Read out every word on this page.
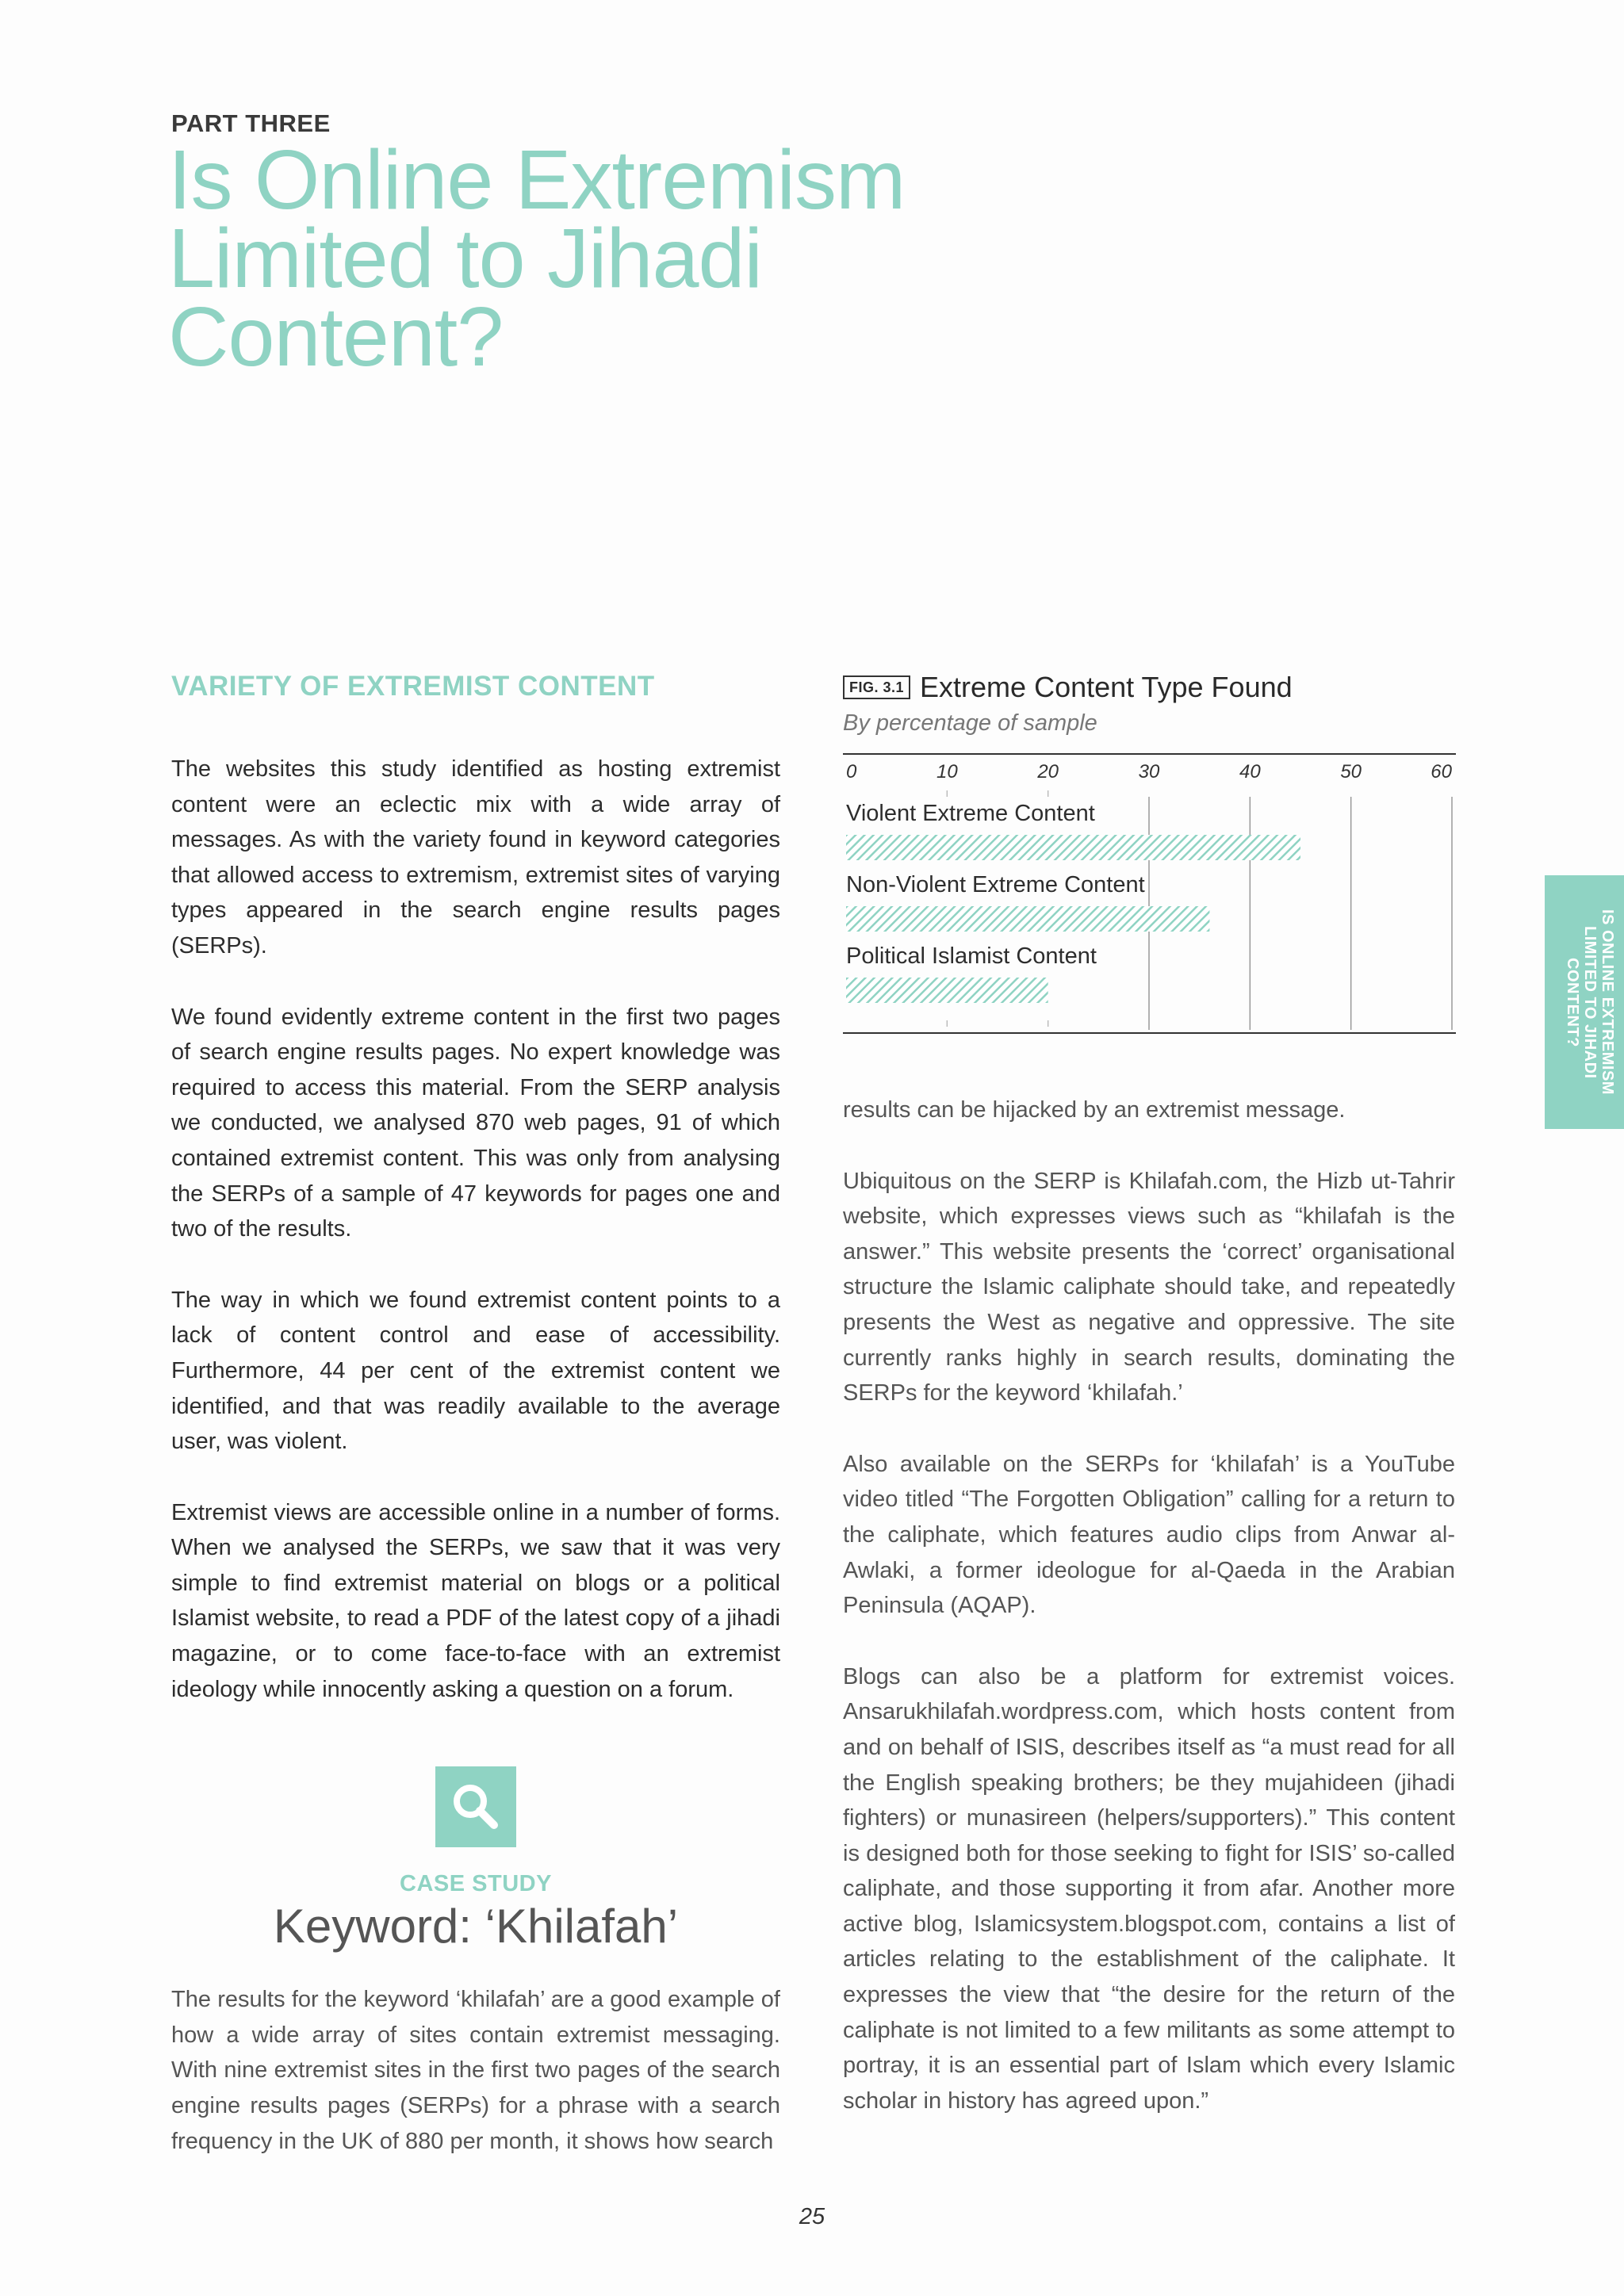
PART THREE
Is Online Extremism
Limited to Jihadi
Content?
VARIETY OF EXTREMIST CONTENT

The websites this study identified as hosting extremist content were an eclectic mix with a wide array of messages. As with the variety found in keyword categories that allowed access to extremism, extremist sites of varying types appeared in the search engine results pages (SERPs).

We found evidently extreme content in the first two pages of search engine results pages. No expert knowledge was required to access this material. From the SERP analysis we conducted, we analysed 870 web pages, 91 of which contained extremist content. This was only from analysing the SERPs of a sample of 47 keywords for pages one and two of the results.

The way in which we found extremist content points to a lack of content control and ease of accessibility. Furthermore, 44 per cent of the extremist content we identified, and that was readily available to the average user, was violent.

Extremist views are accessible online in a number of forms. When we analysed the SERPs, we saw that it was very simple to find extremist material on blogs or a political Islamist website, to read a PDF of the latest copy of a jihadi magazine, or to come face-to-face with an extremist ideology while innocently asking a question on a forum.

CASE STUDY
Keyword: ‘Khilafah’

The results for the keyword ‘khilafah’ are a good example of how a wide array of sites contain extremist messaging. With nine extremist sites in the first two pages of the search engine results pages (SERPs) for a phrase with a search frequency in the UK of 880 per month, it shows how search

FIG. 3.1 Extreme Content Type Found
By percentage of sample
0	10	20	30	40	50	60
Violent Extreme Content
Non-Violent Extreme Content
Political Islamist Content

results can be hijacked by an extremist message.

Ubiquitous on the SERP is Khilafah.com, the Hizb ut-Tahrir website, which expresses views such as “khilafah is the answer.” This website presents the ‘correct’ organisational structure the Islamic caliphate should take, and repeatedly presents the West as negative and oppressive. The site currently ranks highly in search results, dominating the SERPs for the keyword ‘khilafah.’

Also available on the SERPs for ‘khilafah’ is a YouTube video titled “The Forgotten Obligation” calling for a return to the caliphate, which features audio clips from Anwar al-Awlaki, a former ideologue for al-Qaeda in the Arabian Peninsula (AQAP).

Blogs can also be a platform for extremist voices. Ansarukhilafah.wordpress.com, which hosts content from and on behalf of ISIS, describes itself as “a must read for all the English speaking brothers; be they mujahideen (jihadi fighters) or munasireen (helpers/supporters).” This content is designed both for those seeking to fight for ISIS’ so-called caliphate, and those supporting it from afar. Another more active blog, Islamicsystem.blogspot.com, contains a list of articles relating to the establishment of the caliphate. It expresses the view that “the desire for the return of the caliphate is not limited to a few militants as some attempt to portray, it is an essential part of Islam which every Islamic scholar in history has agreed upon.”

IS ONLINE EXTREMISM
LIMITED TO JIHADI
CONTENT?
25
